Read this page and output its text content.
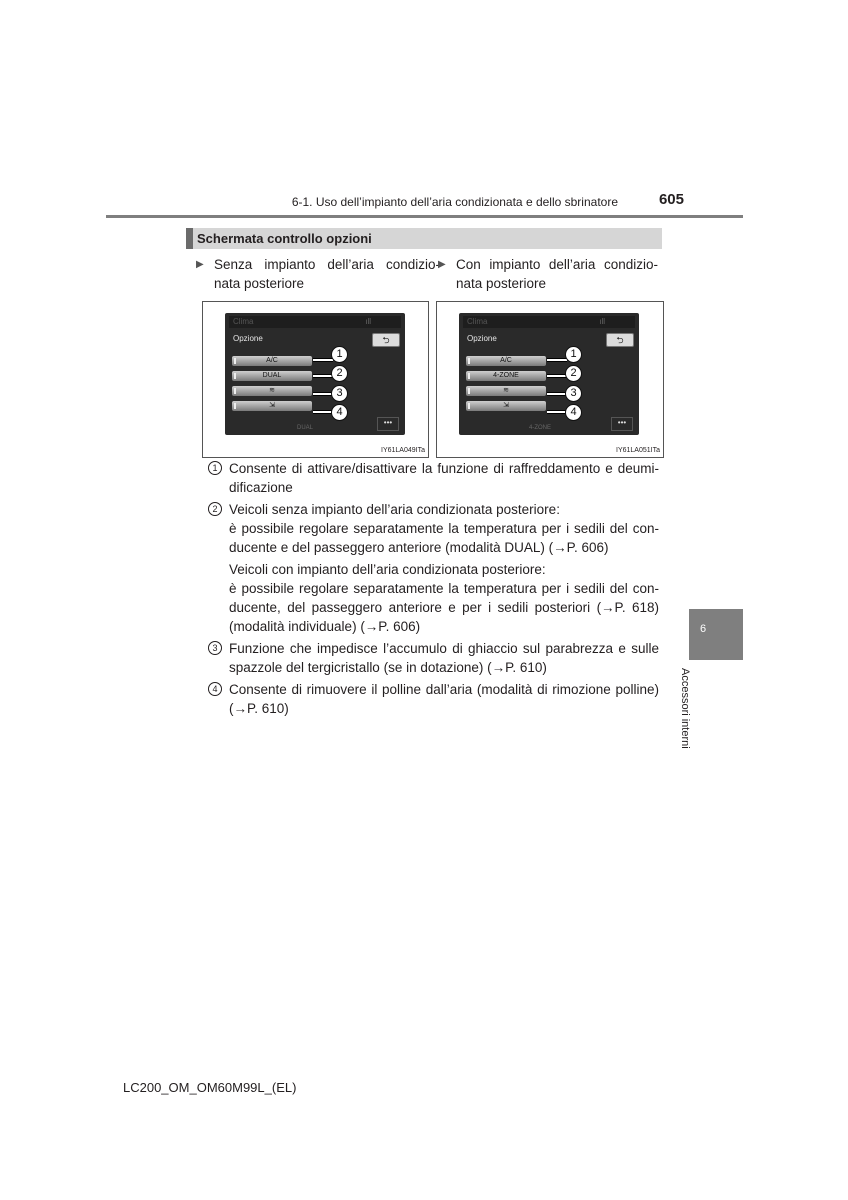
6-1. Uso dell’impianto dell’aria condizionata e dello sbrinatore	605
Schermata controllo opzioni
▶ Senza impianto dell’aria condizio-
nata posteriore
▶ Con impianto dell’aria condizio-
nata posteriore
Clima	ıll
Opzione	⮌
A/C
DUAL
≋
⇲
DUAL
•••
1
2
3
4
IY61LA049ITa
Clima	ıll
Opzione	⮌
A/C
4-ZONE
≋
⇲
4-ZONE
•••
1
2
3
4
IY61LA051ITa
1 Consente di attivare/disattivare la funzione di raffreddamento e deumi-
dificazione
2 Veicoli senza impianto dell’aria condizionata posteriore:
è possibile regolare separatamente la temperatura per i sedili del con-
ducente e del passeggero anteriore (modalità DUAL) (→P. 606)
Veicoli con impianto dell’aria condizionata posteriore:
è possibile regolare separatamente la temperatura per i sedili del con-
ducente, del passeggero anteriore e per i sedili posteriori (→P. 618)
(modalità individuale) (→P. 606)
3 Funzione che impedisce l’accumulo di ghiaccio sul parabrezza e sulle
spazzole del tergicristallo (se in dotazione) (→P. 610)
4 Consente di rimuovere il polline dall’aria (modalità di rimozione polline)
(→P. 610)
6
Accessori interni
LC200_OM_OM60M99L_(EL)
